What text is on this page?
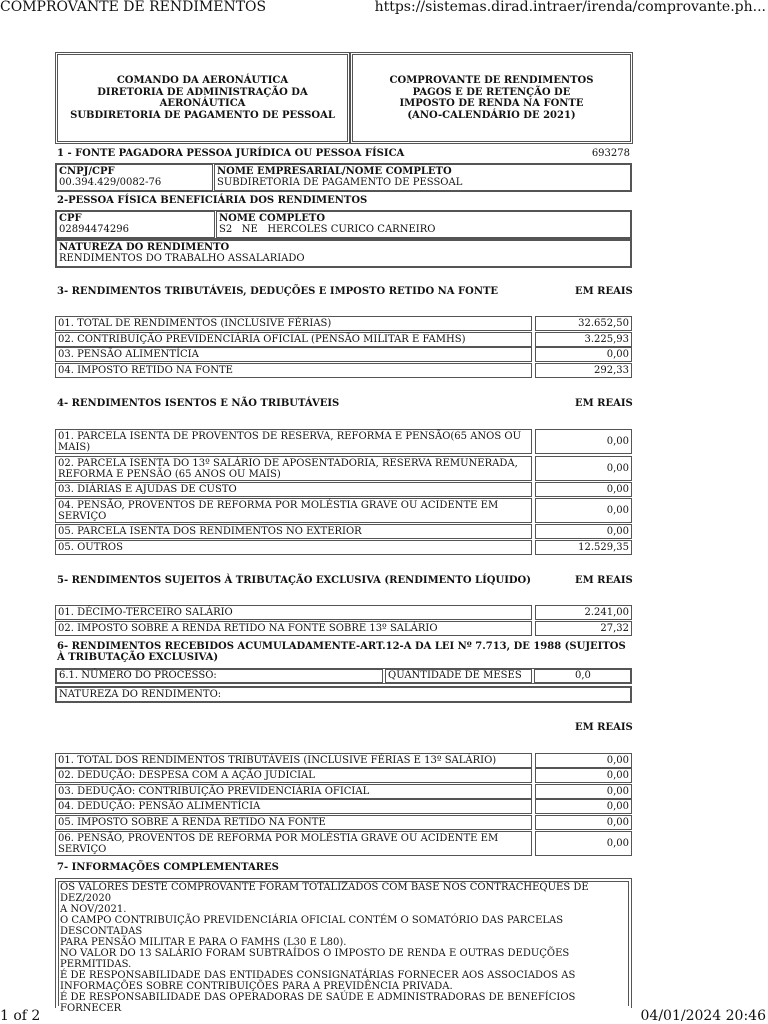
COMPROVANTE DE RENDIMENTOS	https://sistemas.dirad.intraer/irenda/comprovante.ph...
1 of 2	04/01/2024 20:46
COMANDO DA AERONÁUTICA
DIRETORIA DE ADMINISTRAÇÃO DA
AERONÁUTICA
SUBDIRETORIA DE PAGAMENTO DE PESSOAL
COMPROVANTE DE RENDIMENTOS
PAGOS E DE RETENÇÃO DE
IMPOSTO DE RENDA NA FONTE
(ANO-CALENDÁRIO DE 2021)
1 - FONTE PAGADORA PESSOA JURÍDICA OU PESSOA FÍSICA	693278
CNPJ/CPF
00.394.429/0082-76
NOME EMPRESARIAL/NOME COMPLETO
SUBDIRETORIA DE PAGAMENTO DE PESSOAL
2-PESSOA FÍSICA BENEFICIÁRIA DOS RENDIMENTOS
CPF
02894474296
NOME COMPLETO
S2   NE   HERCOLES CURICO CARNEIRO
NATUREZA DO RENDIMENTO
RENDIMENTOS DO TRABALHO ASSALARIADO
3- RENDIMENTOS TRIBUTÁVEIS, DEDUÇÕES E IMPOSTO RETIDO NA FONTE	EM REAIS
01. TOTAL DE RENDIMENTOS (INCLUSIVE FÉRIAS)	32.652,50
02. CONTRIBUIÇÃO PREVIDENCIÁRIA OFICIAL (PENSÃO MILITAR E FAMHS)	3.225,93
03. PENSÃO ALIMENTÍCIA	0,00
04. IMPOSTO RETIDO NA FONTE	292,33
4- RENDIMENTOS ISENTOS E NÃO TRIBUTÁVEIS	EM REAIS
01. PARCELA ISENTA DE PROVENTOS DE RESERVA, REFORMA E PENSÃO(65 ANOS OU MAIS)
0,00
02. PARCELA ISENTA DO 13º SALÁRIO DE APOSENTADORIA, RESERVA REMUNERADA, REFORMA E PENSÃO (65 ANOS OU MAIS)
0,00
03. DIÁRIAS E AJUDAS DE CUSTO	0,00
04. PENSÃO, PROVENTOS DE REFORMA POR MOLÉSTIA GRAVE OU ACIDENTE EM SERVIÇO
0,00
05. PARCELA ISENTA DOS RENDIMENTOS NO EXTERIOR	0,00
05. OUTROS	12.529,35
5- RENDIMENTOS SUJEITOS À TRIBUTAÇÃO EXCLUSIVA (RENDIMENTO LÍQUIDO)	EM REAIS
01. DÉCIMO-TERCEIRO SALÁRIO	2.241,00
02. IMPOSTO SOBRE A RENDA RETIDO NA FONTE SOBRE 13º SALÁRIO	27,32
6- RENDIMENTOS RECEBIDOS ACUMULADAMENTE-ART.12-A DA LEI Nº 7.713, DE 1988 (SUJEITOS À TRIBUTAÇÃO EXCLUSIVA)
6.1. NÚMERO DO PROCESSO:	QUANTIDADE DE MESES	0,0
NATUREZA DO RENDIMENTO:
EM REAIS
01. TOTAL DOS RENDIMENTOS TRIBUTÁVEIS (INCLUSIVE FÉRIAS E 13º SALÁRIO)	0,00
02. DEDUÇÃO: DESPESA COM A AÇÃO JUDICIAL	0,00
03. DEDUÇÃO: CONTRIBUIÇÃO PREVIDENCIÁRIA OFICIAL	0,00
04. DEDUÇÃO: PENSÃO ALIMENTÍCIA	0,00
05. IMPOSTO SOBRE A RENDA RETIDO NA FONTE	0,00
06. PENSÃO, PROVENTOS DE REFORMA POR MOLÉSTIA GRAVE OU ACIDENTE EM SERVIÇO
0,00
7- INFORMAÇÕES COMPLEMENTARES
OS VALORES DESTE COMPROVANTE FORAM TOTALIZADOS COM BASE NOS CONTRACHEQUES DE DEZ/2020
A NOV/2021.
O CAMPO CONTRIBUIÇÃO PREVIDENCIÁRIA OFICIAL CONTÉM O SOMATÓRIO DAS PARCELAS DESCONTADAS
PARA PENSÃO MILITAR E PARA O FAMHS (L30 E L80).
NO VALOR DO 13 SALÁRIO FORAM SUBTRAÍDOS O IMPOSTO DE RENDA E OUTRAS DEDUÇÕES PERMITIDAS.
É DE RESPONSABILIDADE DAS ENTIDADES CONSIGNATÁRIAS FORNECER AOS ASSOCIADOS AS
INFORMAÇÕES SOBRE CONTRIBUIÇÕES PARA A PREVIDÊNCIA PRIVADA.
É DE RESPONSABILIDADE DAS OPERADORAS DE SAÚDE E ADMINISTRADORAS DE BENEFÍCIOS FORNECER
